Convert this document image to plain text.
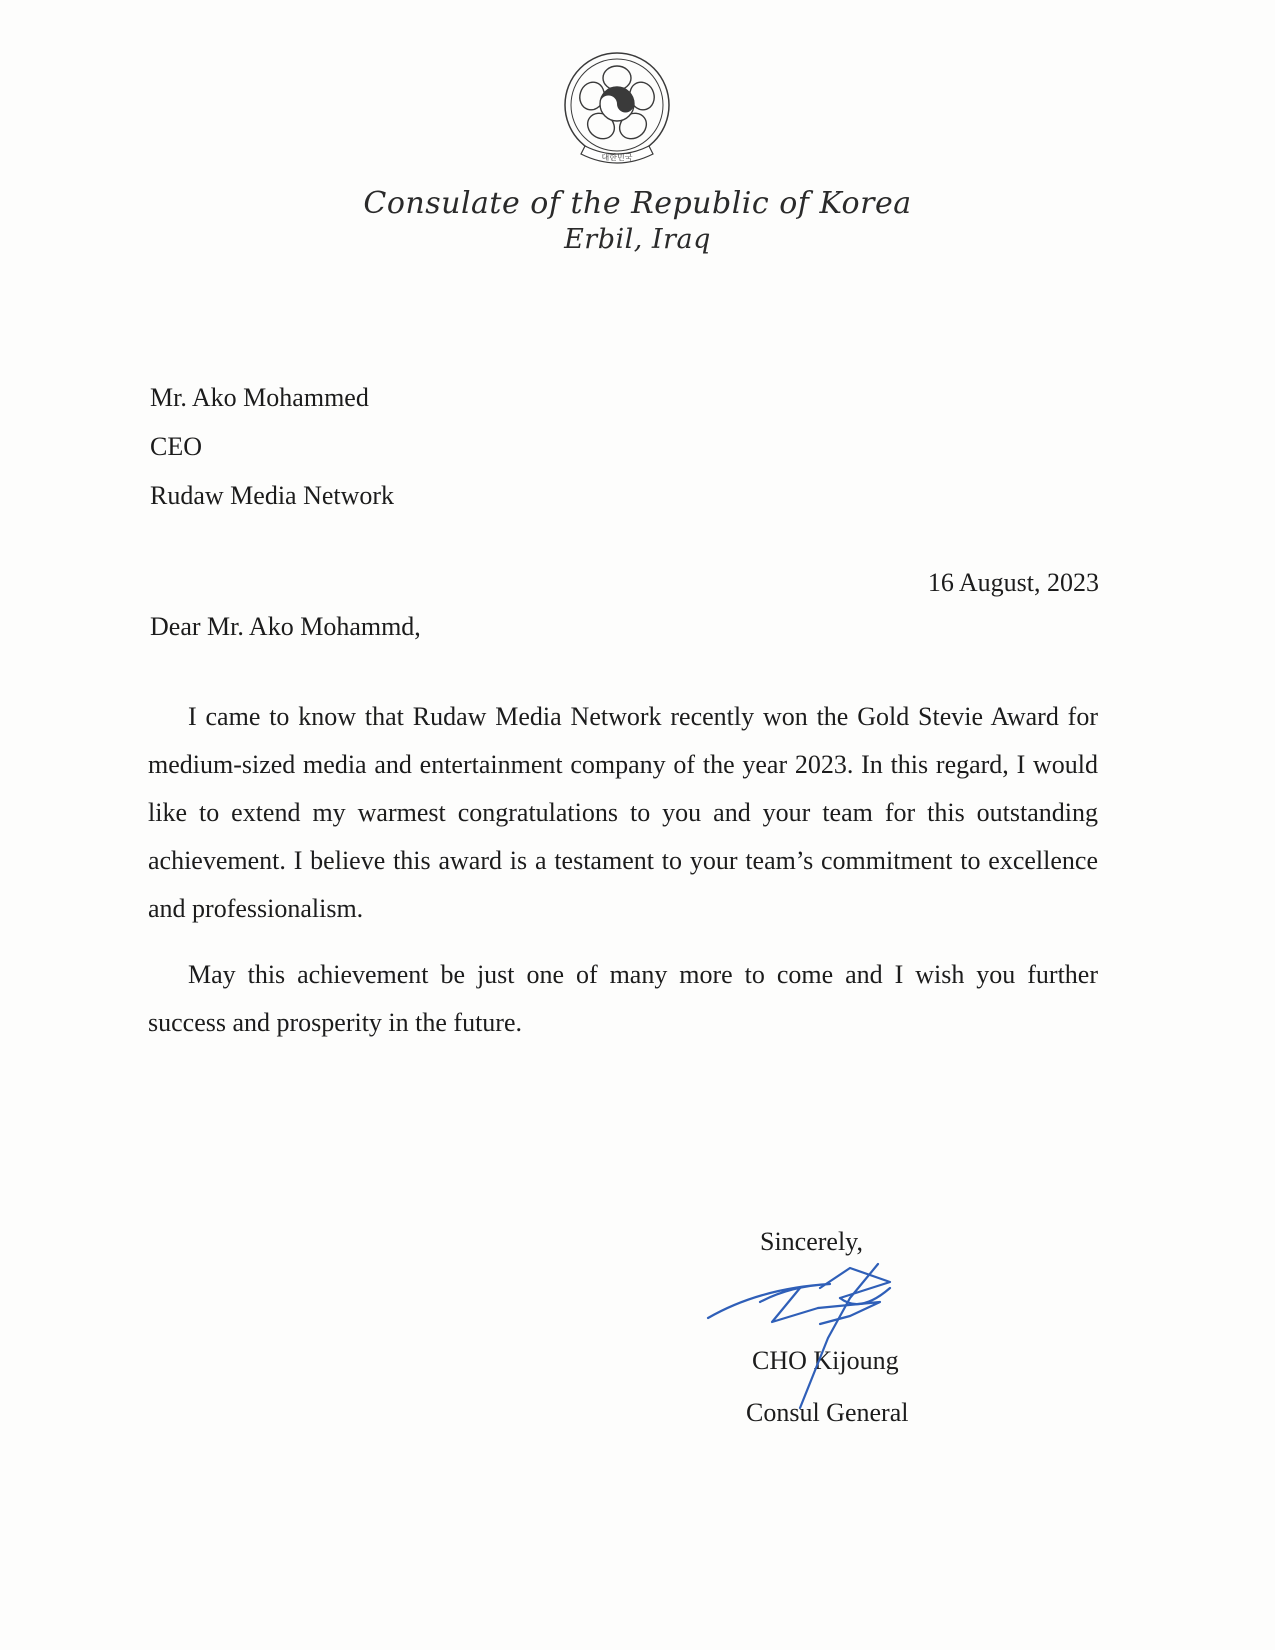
대한민국
Consulate of the Republic of Korea
Erbil, Iraq
Mr. Ako Mohammed
CEO
Rudaw Media Network
16 August, 2023
Dear Mr. Ako Mohammd,
I came to know that Rudaw Media Network recently won the Gold Stevie Award for medium-sized media and entertainment company of the year 2023. In this regard, I would like to extend my warmest congratulations to you and your team for this outstanding achievement. I believe this award is a testament to your team’s commitment to excellence and professionalism.
May this achievement be just one of many more to come and I wish you further success and prosperity in the future.
Sincerely,
CHO Kijoung
Consul General
